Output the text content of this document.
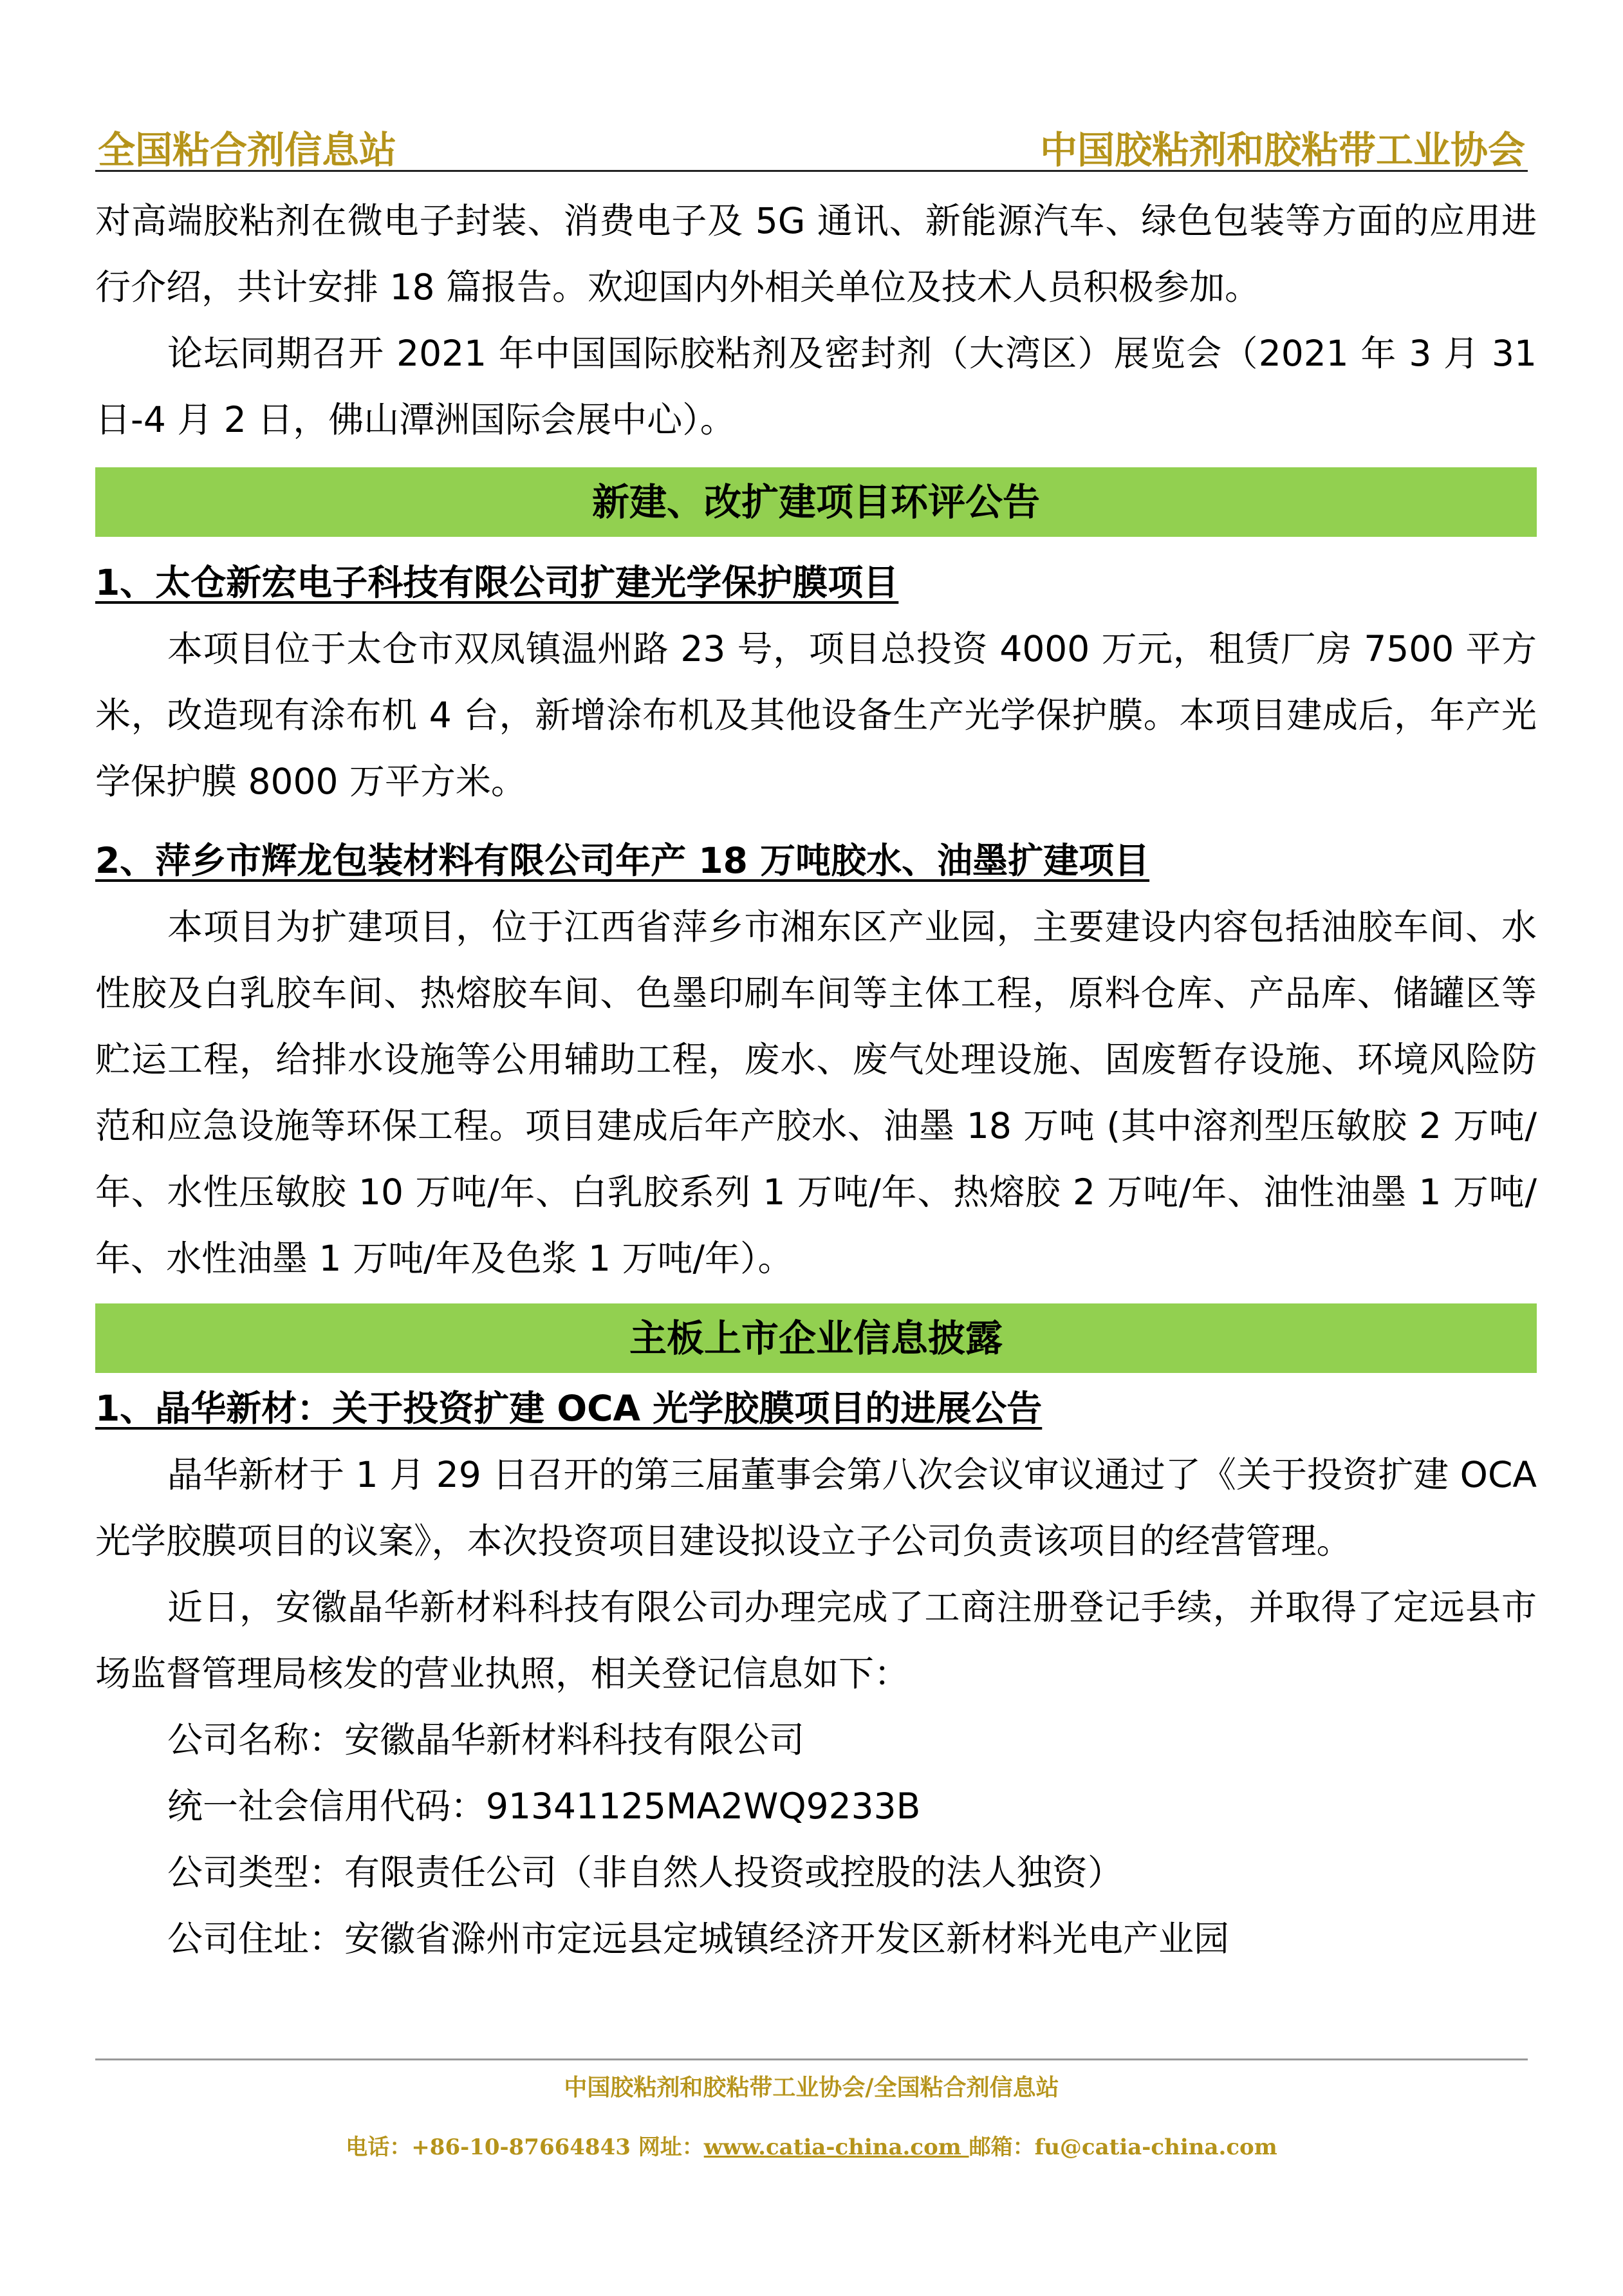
全国粘合剂信息站	中国胶粘剂和胶粘带工业协会

对高端胶粘剂在微电子封装、消费电子及 5G 通讯、新能源汽车、绿色包装等方面的应用进行介绍，共计安排 18 篇报告。欢迎国内外相关单位及技术人员积极参加。

论坛同期召开 2021 年中国国际胶粘剂及密封剂（大湾区）展览会（2021 年 3 月 31 日-4 月 2 日，佛山潭洲国际会展中心）。

新建、改扩建项目环评公告

1、太仓新宏电子科技有限公司扩建光学保护膜项目

本项目位于太仓市双凤镇温州路 23 号，项目总投资 4000 万元，租赁厂房 7500 平方米，改造现有涂布机 4 台，新增涂布机及其他设备生产光学保护膜。本项目建成后，年产光学保护膜 8000 万平方米。

2、萍乡市辉龙包装材料有限公司年产 18 万吨胶水、油墨扩建项目

本项目为扩建项目，位于江西省萍乡市湘东区产业园，主要建设内容包括油胶车间、水性胶及白乳胶车间、热熔胶车间、色墨印刷车间等主体工程，原料仓库、产品库、储罐区等贮运工程，给排水设施等公用辅助工程，废水、废气处理设施、固废暂存设施、环境风险防范和应急设施等环保工程。项目建成后年产胶水、油墨 18 万吨 (其中溶剂型压敏胶 2 万吨/年、水性压敏胶 10 万吨/年、白乳胶系列 1 万吨/年、热熔胶 2 万吨/年、油性油墨 1 万吨/年、水性油墨 1 万吨/年及色浆 1 万吨/年）。

主板上市企业信息披露

1、晶华新材：关于投资扩建 OCA 光学胶膜项目的进展公告

晶华新材于 1 月 29 日召开的第三届董事会第八次会议审议通过了《关于投资扩建 OCA 光学胶膜项目的议案》，本次投资项目建设拟设立子公司负责该项目的经营管理。

近日，安徽晶华新材料科技有限公司办理完成了工商注册登记手续，并取得了定远县市场监督管理局核发的营业执照，相关登记信息如下：

公司名称：安徽晶华新材料科技有限公司

统一社会信用代码：91341125MA2WQ9233B

公司类型：有限责任公司（非自然人投资或控股的法人独资）

公司住址：安徽省滁州市定远县定城镇经济开发区新材料光电产业园

中国胶粘剂和胶粘带工业协会/全国粘合剂信息站
电话：+86-10-87664843 网址：www.catia-china.com 邮箱：fu@catia-china.com
